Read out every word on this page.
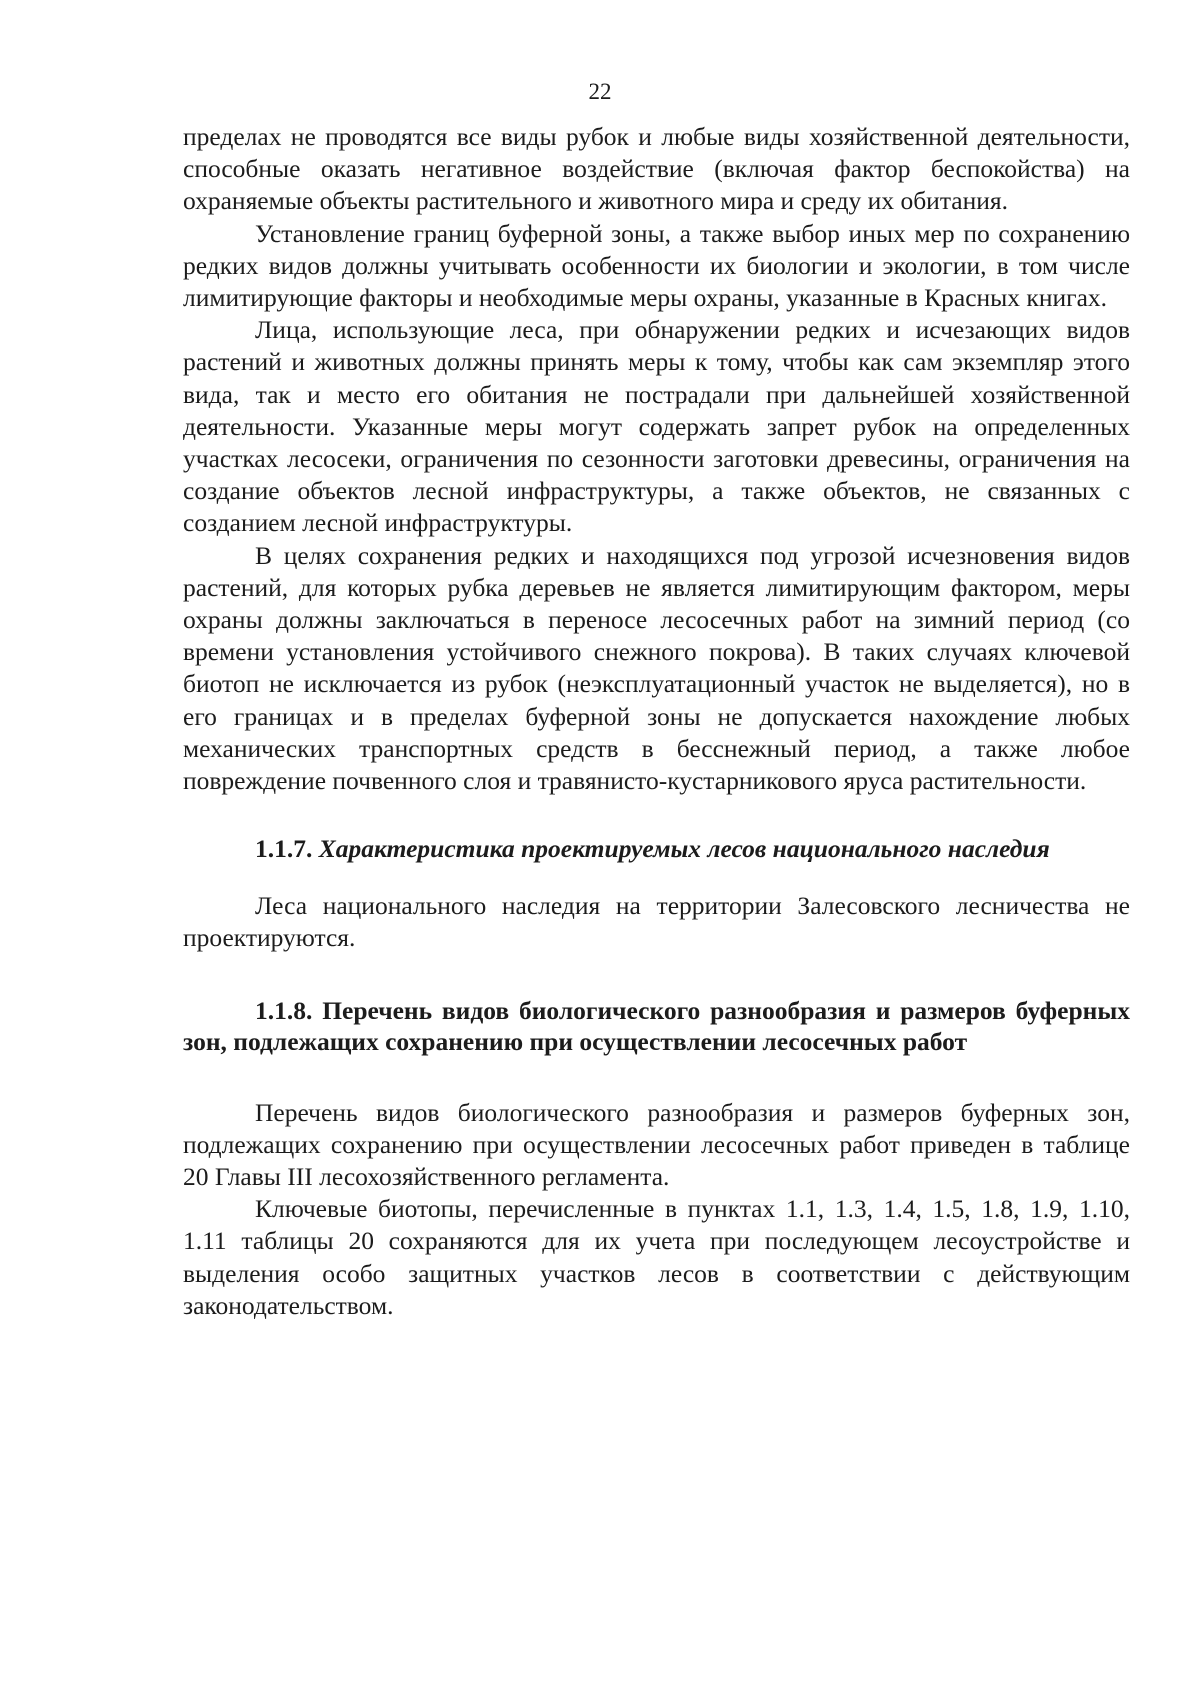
22

пределах не проводятся все виды рубок и любые виды хозяйственной деятельности, способные оказать негативное воздействие (включая фактор беспокойства) на охраняемые объекты растительного и животного мира и среду их обитания.

Установление границ буферной зоны, а также выбор иных мер по сохранению редких видов должны учитывать особенности их биологии и экологии, в том числе лимитирующие факторы и необходимые меры охраны, указанные в Красных книгах.

Лица, использующие леса, при обнаружении редких и исчезающих видов растений и животных должны принять меры к тому, чтобы как сам экземпляр этого вида, так и место его обитания не пострадали при дальнейшей хозяйственной деятельности. Указанные меры могут содержать запрет рубок на определенных участках лесосеки, ограничения по сезонности заготовки древесины, ограничения на создание объектов лесной инфраструктуры, а также объектов, не связанных с созданием лесной инфраструктуры.

В целях сохранения редких и находящихся под угрозой исчезновения видов растений, для которых рубка деревьев не является лимитирующим фактором, меры охраны должны заключаться в переносе лесосечных работ на зимний период (со времени установления устойчивого снежного покрова). В таких случаях ключевой биотоп не исключается из рубок (неэксплуатационный участок не выделяется), но в его границах и в пределах буферной зоны не допускается нахождение любых механических транспортных средств в бесснежный период, а также любое повреждение почвенного слоя и травянисто-кустарникового яруса растительности.

1.1.7. Характеристика проектируемых лесов национального наследия

Леса национального наследия на территории Залесовского лесничества не проектируются.

1.1.8. Перечень видов биологического разнообразия и размеров буферных зон, подлежащих сохранению при осуществлении лесосечных работ

Перечень видов биологического разнообразия и размеров буферных зон, подлежащих сохранению при осуществлении лесосечных работ приведен в таблице 20 Главы III лесохозяйственного регламента.

Ключевые биотопы, перечисленные в пунктах 1.1, 1.3, 1.4, 1.5, 1.8, 1.9, 1.10, 1.11 таблицы 20 сохраняются для их учета при последующем лесоустройстве и выделения особо защитных участков лесов в соответствии с действующим законодательством.
